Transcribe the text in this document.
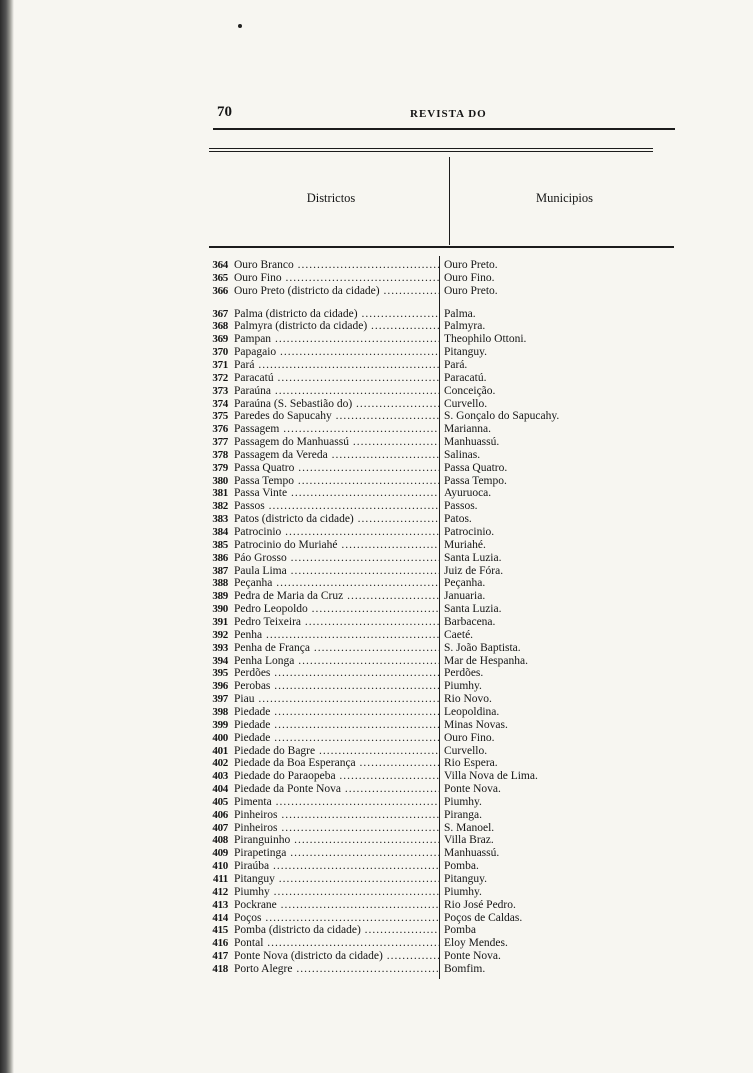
70	REVISTA DO
Districtos	Municipios
364 Ouro Branco .....	Ouro Preto.
365 Ouro Fino .....	Ouro Fino.
366 Ouro Preto (districto da cidade) .....	Ouro Preto.
367 Palma (districto da cidade) .....	Palma.
368 Palmyra (districto da cidade) .....	Palmyra.
369 Pampan .....	Theophilo Ottoni.
370 Papagaio .....	Pitanguy.
371 Pará .....	Pará.
372 Paracatú .....	Paracatú.
373 Paraúna .....	Conceição.
374 Paraúna (S. Sebastião do) .....	Curvello.
375 Paredes do Sapucahy .....	S. Gonçalo do Sapucahy.
376 Passagem .....	Marianna.
377 Passagem do Manhuassú .....	Manhuassú.
378 Passagem da Vereda .....	Salinas.
379 Passa Quatro .....	Passa Quatro.
380 Passa Tempo .....	Passa Tempo.
381 Passa Vinte .....	Ayuruoca.
382 Passos .....	Passos.
383 Patos (districto da cidade) .....	Patos.
384 Patrocinio .....	Patrocinio.
385 Patrocinio do Muriahé .....	Muriahé.
386 Páo Grosso .....	Santa Luzia.
387 Paula Lima .....	Juiz de Fóra.
388 Peçanha .....	Peçanha.
389 Pedra de Maria da Cruz .....	Januaria.
390 Pedro Leopoldo .....	Santa Luzia.
391 Pedro Teixeira .....	Barbacena.
392 Penha .....	Caeté.
393 Penha de França .....	S. João Baptista.
394 Penha Longa .....	Mar de Hespanha.
395 Perdões .....	Perdões.
396 Perobas .....	Piumhy.
397 Piau .....	Rio Novo.
398 Piedade .....	Leopoldina.
399 Piedade .....	Minas Novas.
400 Piedade .....	Ouro Fino.
401 Piedade do Bagre .....	Curvello.
402 Piedade da Boa Esperança .....	Rio Espera.
403 Piedade do Paraopeba .....	Villa Nova de Lima.
404 Piedade da Ponte Nova .....	Ponte Nova.
405 Pimenta .....	Piumhy.
406 Pinheiros .....	Piranga.
407 Pinheiros .....	S. Manoel.
408 Piranguinho .....	Villa Braz.
409 Pirapetinga .....	Manhuassú.
410 Piraúba .....	Pomba.
411 Pitanguy .....	Pitanguy.
412 Piumhy .....	Piumhy.
413 Pockrane .....	Rio José Pedro.
414 Poços .....	Poços de Caldas.
415 Pomba (districto da cidade) .....	Pomba
416 Pontal .....	Eloy Mendes.
417 Ponte Nova (districto da cidade) .....	Ponte Nova.
418 Porto Alegre .....	Bomfim.
